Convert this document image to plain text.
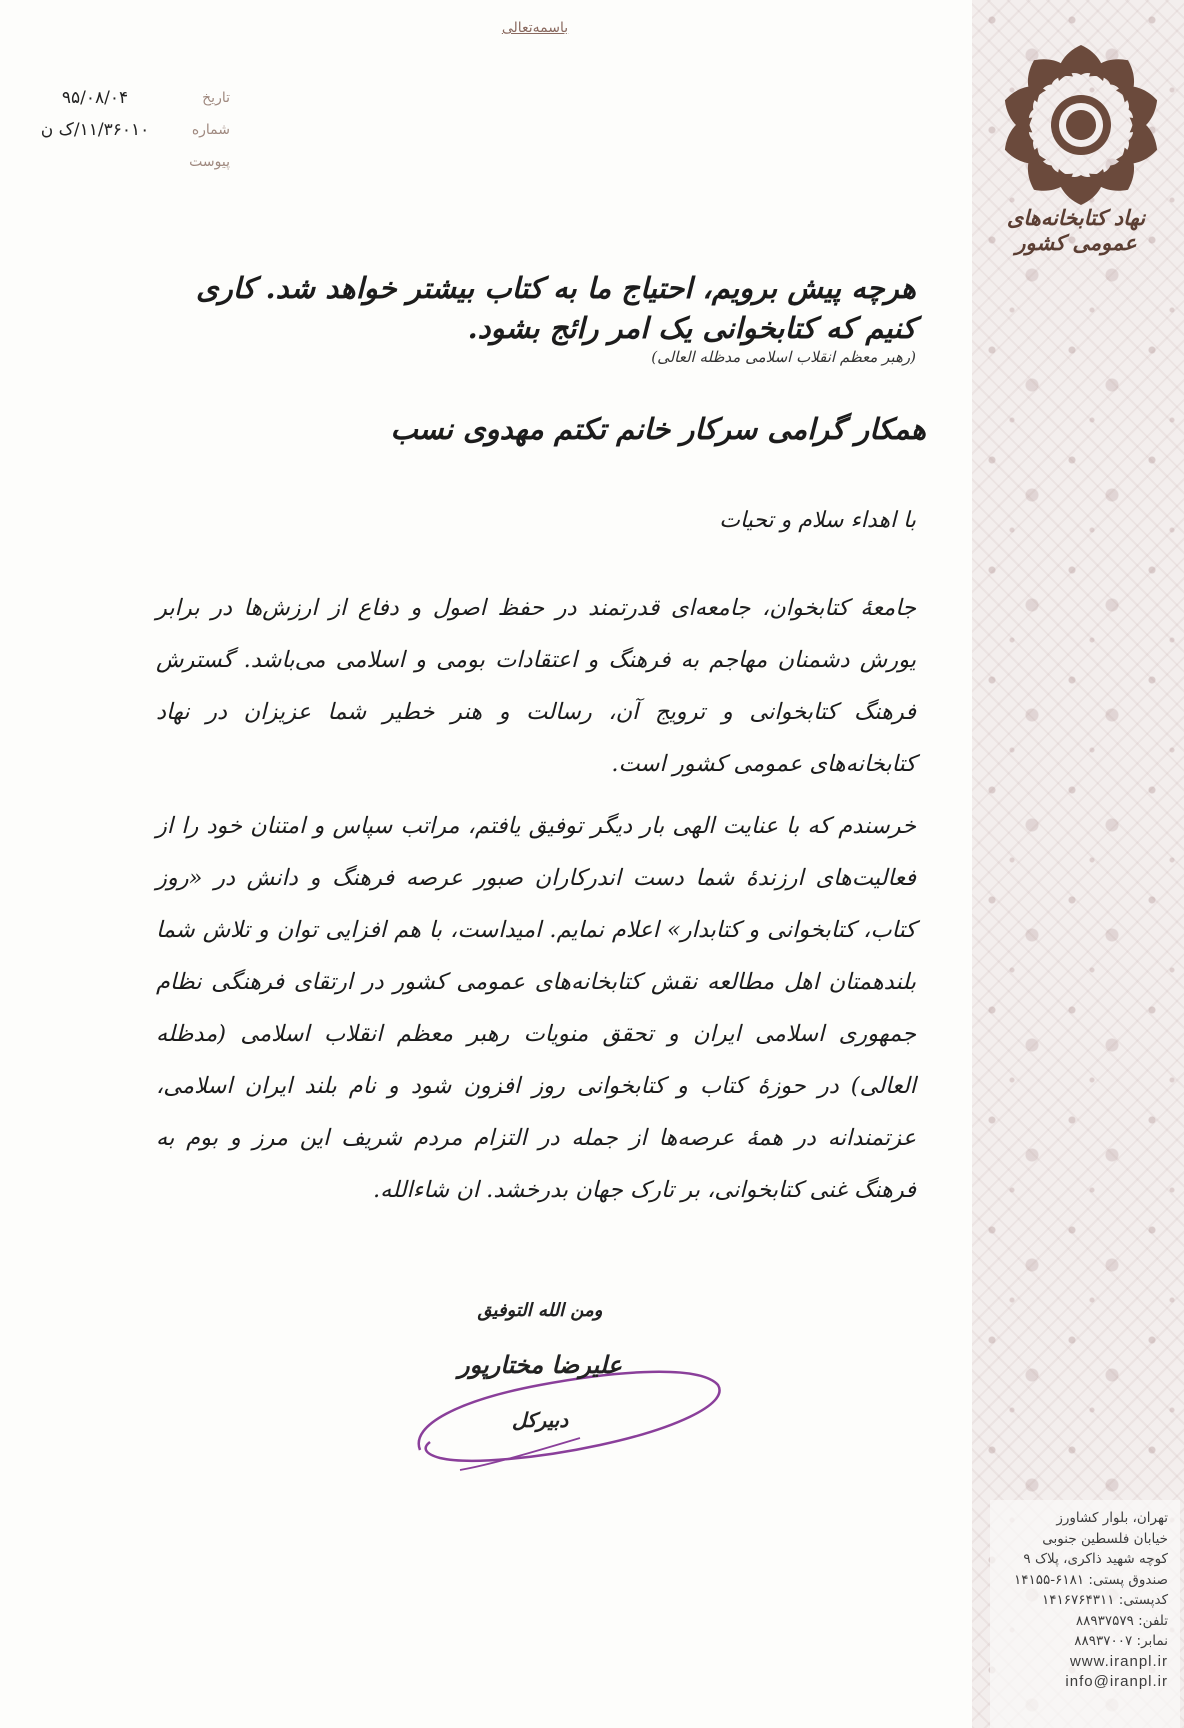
نهاد کتابخانه‌های عمومی کشور
باسمه‌تعالی
تاریخ
۹۵/۰۸/۰۴
شماره
۱۱/۳۶۰۱۰/ک ن
پیوست
هرچه پیش برویم، احتیاج ما به کتاب بیشتر خواهد شد. کاری کنیم که کتابخوانی یک امر رائج بشود.
(رهبر معظم انقلاب اسلامی مدظله العالی)
همکار گرامی سرکار خانم تکتم مهدوی نسب
با اهداء سلام و تحیات
جامعهٔ کتابخوان، جامعه‌ای قدرتمند در حفظ اصول و دفاع از ارزش‌ها در برابر یورش دشمنان مهاجم به فرهنگ و اعتقادات بومی و اسلامی می‌باشد. گسترش فرهنگ کتابخوانی و ترویج آن، رسالت و هنر خطیر شما عزیزان در نهاد کتابخانه‌های عمومی کشور است.
خرسندم که با عنایت الهی بار دیگر توفیق یافتم، مراتب سپاس و امتنان خود را از فعالیت‌های ارزندهٔ شما دست اندرکاران صبور عرصه فرهنگ و دانش در «روز کتاب، کتابخوانی و کتابدار» اعلام نمایم. امیداست، با هم افزایی توان و تلاش شما بلندهمتان اهل مطالعه نقش کتابخانه‌های عمومی کشور در ارتقای فرهنگی نظام جمهوری اسلامی ایران و تحقق منویات رهبر معظم انقلاب اسلامی (مدظله العالی) در حوزهٔ کتاب و کتابخوانی روز افزون شود و نام بلند ایران اسلامی، عزتمندانه در همهٔ عرصه‌ها از جمله در التزام مردم شریف این مرز و بوم به فرهنگ غنی کتابخوانی، بر تارک جهان بدرخشد. ان شاءالله.
ومن الله التوفیق
علیرضا مختارپور
دبیرکل
تهران، بلوار کشاورز
خیابان فلسطین جنوبی
کوچه شهید ذاکری، پلاک ۹
صندوق پستی: ۶۱۸۱-۱۴۱۵۵
کدپستی: ۱۴۱۶۷۶۴۳۱۱
تلفن: ۸۸۹۳۷۵۷۹
نمابر: ۸۸۹۳۷۰۰۷
www.iranpl.ir
info@iranpl.ir
